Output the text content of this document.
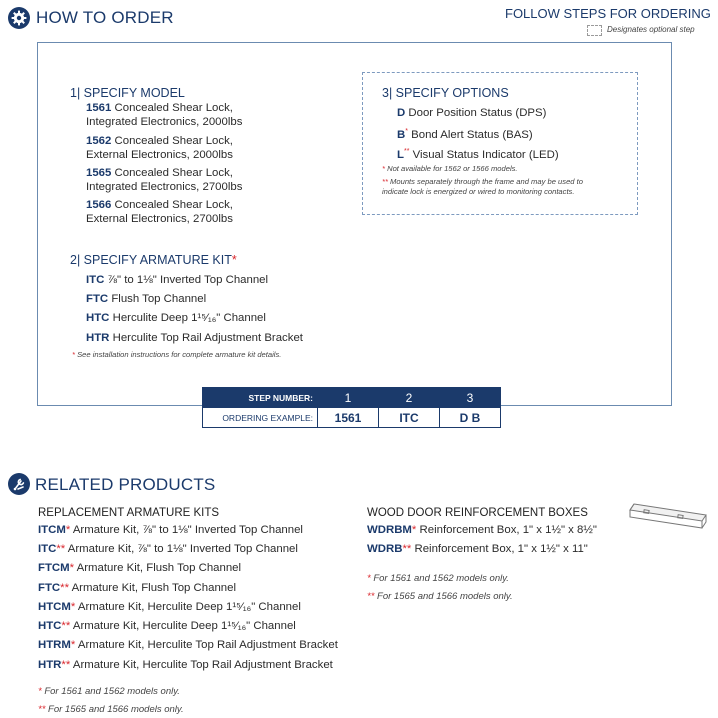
HOW TO ORDER	FOLLOW STEPS FOR ORDERING
Designates optional step
1| SPECIFY MODEL
1561 Concealed Shear Lock,
Integrated Electronics, 2000lbs
1562 Concealed Shear Lock,
External Electronics, 2000lbs
1565 Concealed Shear Lock,
Integrated Electronics, 2700lbs
1566 Concealed Shear Lock,
External Electronics, 2700lbs
2| SPECIFY ARMATURE KIT*
ITC ⅞" to 1⅛" Inverted Top Channel
FTC Flush Top Channel
HTC Herculite Deep 1¹⁵⁄₁₆" Channel
HTR Herculite Top Rail Adjustment Bracket
* See installation instructions for complete armature kit details.
3| SPECIFY OPTIONS
D Door Position Status (DPS)
B* Bond Alert Status (BAS)
L** Visual Status Indicator (LED)
* Not available for 1562 or 1566 models.
** Mounts separately through the frame and may be used to
indicate lock is energized or wired to monitoring contacts.
STEP NUMBER:	1	2	3
ORDERING EXAMPLE:	1561	ITC	D B
RELATED PRODUCTS
REPLACEMENT ARMATURE KITS
ITCM* Armature Kit, ⅞" to 1⅛" Inverted Top Channel
ITC** Armature Kit, ⅞" to 1⅛" Inverted Top Channel
FTCM* Armature Kit, Flush Top Channel
FTC** Armature Kit, Flush Top Channel
HTCM* Armature Kit, Herculite Deep 1¹⁵⁄₁₆" Channel
HTC** Armature Kit, Herculite Deep 1¹⁵⁄₁₆" Channel
HTRM* Armature Kit, Herculite Top Rail Adjustment Bracket
HTR** Armature Kit, Herculite Top Rail Adjustment Bracket
* For 1561 and 1562 models only.
** For 1565 and 1566 models only.
WOOD DOOR REINFORCEMENT BOXES
WDRBM* Reinforcement Box, 1" x 1½" x 8½"
WDRB** Reinforcement Box, 1" x 1½" x 11"
* For 1561 and 1562 models only.
** For 1565 and 1566 models only.
